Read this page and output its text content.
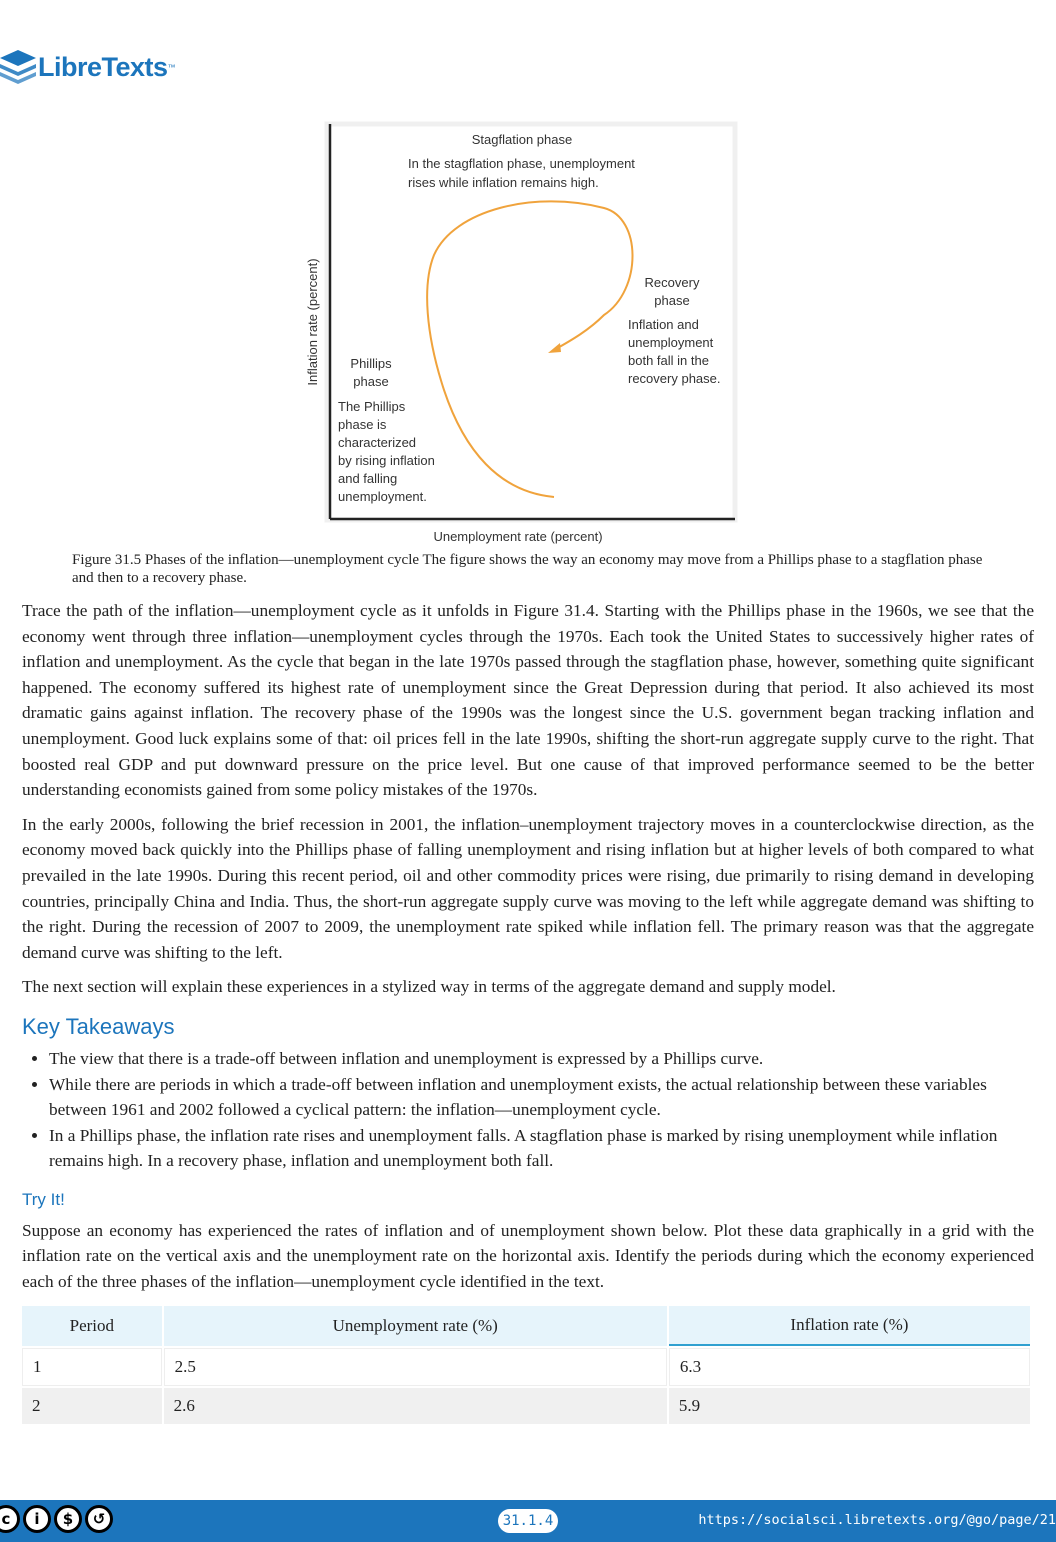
LibreTexts ™
Stagflation phase
In the stagflation phase, unemployment
rises while inflation remains high.
Recovery
phase
Inflation and
unemployment
both fall in the
recovery phase.
Phillips
phase
The Phillips
phase is
characterized
by rising inflation
and falling
unemployment.
Inflation rate (percent)
Unemployment rate (percent)
Figure 31.5 Phases of the inflation—unemployment cycle The figure shows the way an economy may move from a Phillips phase to a stagflation phase and then to a recovery phase.

Trace the path of the inflation—unemployment cycle as it unfolds in Figure 31.4. Starting with the Phillips phase in the 1960s, we see that the economy went through three inflation—unemployment cycles through the 1970s. Each took the United States to successively higher rates of inflation and unemployment. As the cycle that began in the late 1970s passed through the stagflation phase, however, something quite significant happened. The economy suffered its highest rate of unemployment since the Great Depression during that period. It also achieved its most dramatic gains against inflation. The recovery phase of the 1990s was the longest since the U.S. government began tracking inflation and unemployment. Good luck explains some of that: oil prices fell in the late 1990s, shifting the short-run aggregate supply curve to the right. That boosted real GDP and put downward pressure on the price level. But one cause of that improved performance seemed to be the better understanding economists gained from some policy mistakes of the 1970s.

In the early 2000s, following the brief recession in 2001, the inflation–unemployment trajectory moves in a counterclockwise direction, as the economy moved back quickly into the Phillips phase of falling unemployment and rising inflation but at higher levels of both compared to what prevailed in the late 1990s. During this recent period, oil and other commodity prices were rising, due primarily to rising demand in developing countries, principally China and India. Thus, the short-run aggregate supply curve was moving to the left while aggregate demand was shifting to the right. During the recession of 2007 to 2009, the unemployment rate spiked while inflation fell. The primary reason was that the aggregate demand curve was shifting to the left.

The next section will explain these experiences in a stylized way in terms of the aggregate demand and supply model.

Key Takeaways
• The view that there is a trade-off between inflation and unemployment is expressed by a Phillips curve.
• While there are periods in which a trade-off between inflation and unemployment exists, the actual relationship between these variables between 1961 and 2002 followed a cyclical pattern: the inflation—unemployment cycle.
• In a Phillips phase, the inflation rate rises and unemployment falls. A stagflation phase is marked by rising unemployment while inflation remains high. In a recovery phase, inflation and unemployment both fall.
Try It!

Suppose an economy has experienced the rates of inflation and of unemployment shown below. Plot these data graphically in a grid with the inflation rate on the vertical axis and the unemployment rate on the horizontal axis. Identify the periods during which the economy experienced each of the three phases of the inflation—unemployment cycle identified in the text.

Period	Unemployment rate (%)	Inflation rate (%)
1	2.5	6.3
2	2.6	5.9
c	i	$	↺	31.1.4	https://socialsci.libretexts.org/@go/page/21
